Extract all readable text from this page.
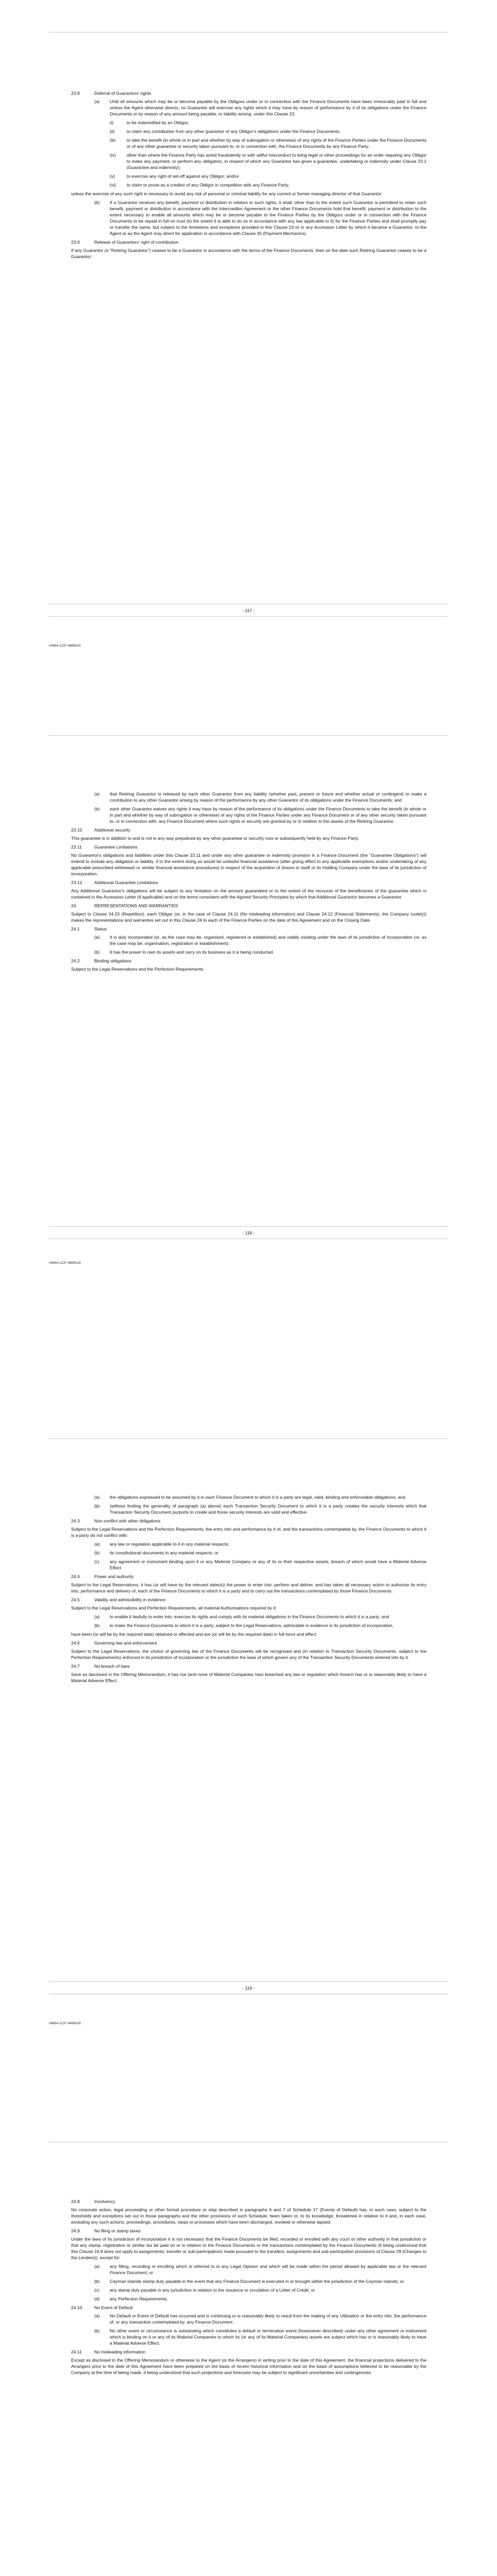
23.8	Deferral of Guarantors' rights
(a)	Until all amounts which may be or become payable by the Obligors under or in connection with the Finance Documents have been irrevocably paid in full and unless the Agent otherwise directs, no Guarantor will exercise any rights which it may have by reason of performance by it of its obligations under the Finance Documents or by reason of any amount being payable, or liability arising, under this Clause 23:
(i)	to be indemnified by an Obligor;
(ii)	to claim any contribution from any other guarantor of any Obligor's obligations under the Finance Documents;
(iii)	to take the benefit (in whole or in part and whether by way of subrogation or otherwise) of any rights of the Finance Parties under the Finance Documents or of any other guarantee or security taken pursuant to, or in connection with, the Finance Documents by any Finance Party;
(iv)	other than where the Finance Party has acted fraudulently or with willful misconduct to bring legal or other proceedings for an order requiring any Obligor to make any payment, or perform any obligation, in respect of which any Guarantor has given a guarantee, undertaking or indemnity under Clause 23.1 (Guarantee and indemnity);
(v)	to exercise any right of set-off against any Obligor; and/or
(vi)	to claim or prove as a creditor of any Obligor in competition with any Finance Party,

unless the exercise of any such right is necessary to avoid any risk of personal or criminal liability for any current or former managing director of that Guarantor.

(b)	If a Guarantor receives any benefit, payment or distribution in relation to such rights, it shall, other than to the extent such Guarantor is permitted to retain such benefit, payment or distribution in accordance with the Intercreditor Agreement or the other Finance Documents hold that benefit, payment or distribution to the extent necessary to enable all amounts which may be or become payable to the Finance Parties by the Obligors under or in connection with the Finance Documents to be repaid in full on trust (to the extent it is able to do so in accordance with any law applicable to it) for the Finance Parties and shall promptly pay or transfer the same, but subject to the limitations and exceptions provided in this Clause 23 or in any Accession Letter by which it became a Guarantor, to the Agent or as the Agent may direct for application in accordance with Clause 35 (Payment Mechanics).
23.9	Release of Guarantors' right of contribution

If any Guarantor (a "Retiring Guarantor") ceases to be a Guarantor in accordance with the terms of the Finance Documents, then on the date such Retiring Guarantor ceases to be a Guarantor:

- 117 -
#4854-1237-4969v16
(a)	that Retiring Guarantor is released by each other Guarantor from any liability (whether past, present or future and whether actual or contingent) to make a contribution to any other Guarantor arising by reason of the performance by any other Guarantor of its obligations under the Finance Documents; and
(b)	each other Guarantor waives any rights it may have by reason of the performance of its obligations under the Finance Documents to take the benefit (in whole or in part and whether by way of subrogation or otherwise) of any rights of the Finance Parties under any Finance Document or of any other security taken pursuant to, or in connection with, any Finance Document where such rights or security are granted by or in relation to the assets of the Retiring Guarantor.
23.10	Additional security

This guarantee is in addition to and is not in any way prejudiced by any other guarantee or security now or subsequently held by any Finance Party.

23.11	Guarantee Limitations

No Guarantor's obligations and liabilities under this Clause 23.11 and under any other guarantee or indemnity provision in a Finance Document (the "Guarantee Obligations") will extend to include any obligation or liability, if to the extent doing so would be unlawful financial assistance (after giving effect to any applicable exemptions and/or undertaking of any applicable prescribed whitewash or similar financial assistance procedures) in respect of the acquisition of shares in itself or its Holding Company under the laws of its jurisdiction of incorporation.

23.12	Additional Guarantee Limitations

Any Additional Guarantor's obligations will be subject to any limitation on the amount guaranteed or to the extent of the recourse of the beneficiaries of the guarantee which is contained in the Accession Letter (if applicable) and on the terms consistent with the Agreed Security Principles by which that Additional Guarantor becomes a Guarantor.

24.	REPRESENTATIONS AND WARRANTIES

Subject to Clause 24.23 (Repetition), each Obligor (or, in the case of Clause 24.11 (No misleading information) and Clause 24.12 (Financial Statements), the Company (solely)) makes the representations and warranties set out in this Clause 24 to each of the Finance Parties on the date of this Agreement and on the Closing Date.

24.1	Status
(a)	It is duly incorporated (or, as the case may be, organised, registered or established) and validly existing under the laws of its jurisdiction of incorporation (or, as the case may be, organisation, registration or establishment).
(b)	It has the power to own its assets and carry on its business as it is being conducted.
24.2	Binding obligations

Subject to the Legal Reservations and the Perfection Requirements:

- 118 -
#4854-1237-4969v16
(a)	the obligations expressed to be assumed by it in each Finance Document to which it is a party are legal, valid, binding and enforceable obligations; and
(b)	(without limiting the generality of paragraph (a) above) each Transaction Security Document to which it is a party creates the security interests which that Transaction Security Document purports to create and those security interests are valid and effective.
24.3	Non-conflict with other obligations

Subject to the Legal Reservations and the Perfection Requirements, the entry into and performance by it of, and the transactions contemplated by, the Finance Documents to which it is a party do not conflict with:

(a)	any law or regulation applicable to it in any material respects;
(b)	its constitutional documents in any material respects; or
(c)	any agreement or instrument binding upon it or any Material Company or any of its or their respective assets, breach of which would have a Material Adverse Effect.
24.4	Power and authority

Subject to the Legal Reservations, it has (or will have by the relevant date(s)) the power to enter into, perform and deliver, and has taken all necessary action to authorise its entry into, performance and delivery of, each of the Finance Documents to which it is a party and to carry out the transactions contemplated by those Finance Documents.

24.5	Validity and admissibility in evidence

Subject to the Legal Reservations and Perfection Requirements, all material Authorisations required by it:

(a)	to enable it lawfully to enter into, exercise its rights and comply with its material obligations in the Finance Documents to which it is a party; and
(b)	to make the Finance Documents to which it is a party, subject to the Legal Reservations, admissible in evidence in its jurisdiction of incorporation,

have been (or will be by the required date) obtained or effected and are (or will be by the required date) in full force and effect.

24.6	Governing law and enforcement

Subject to the Legal Reservations, the choice of governing law of the Finance Documents will be recognised and (in relation to Transaction Security Documents, subject to the Perfection Requirements) enforced in its jurisdiction of incorporation or the jurisdiction the laws of which govern any of the Transaction Security Documents entered into by it.

24.7	No breach of laws

Save as disclosed in the Offering Memorandum, it has not (and none of Material Companies has) breached any law or regulation which breach has or is reasonably likely to have a Material Adverse Effect.

- 119 -
#4854-1237-4969v16
24.8	Insolvency

No corporate action, legal proceeding or other formal procedure or step described in paragraphs 6 and 7 of Schedule 17 (Events of Default) has, in each case, subject to the thresholds and exceptions set out in those paragraphs and the other provisions of such Schedule, been taken or, to its knowledge, threatened in relation to it and, in each case, excluding any such actions, proceedings, procedures, steps or processes which have been discharged, revoked or otherwise lapsed.

24.9	No filing or stamp taxes

Under the laws of its jurisdiction of incorporation it is not necessary that the Finance Documents be filed, recorded or enrolled with any court or other authority in that jurisdiction or that any stamp, registration or similar tax be paid on or in relation to the Finance Documents or the transactions contemplated by the Finance Documents (it being understood that this Clause 24.9 does not apply to assignments, transfer or sub-participations made pursuant to the transfers, assignments and sub-participation provisions of Clause 29 (Changes to the Lenders)), except for:

(a)	any filling, recording or enrolling which is referred to in any Legal Opinion and which will be made within the period allowed by applicable law or the relevant Finance Document; or
(b)	Cayman Islands stamp duty payable in the event that any Finance Document is executed in or brought within the jurisdiction of the Cayman Islands; or
(c)	any stamp duty payable in any jurisdiction in relation to the issuance or circulation of a Letter of Credit; or
(d)	any Perfection Requirements.
24.10	No Event of Default
(a)	No Default or Event of Default has occurred and is continuing or is reasonably likely to result from the making of any Utilisation or the entry into, the performance of, or any transaction contemplated by, any Finance Document.
(b)	No other event or circumstance is outstanding which constitutes a default or termination event (howsoever described) under any other agreement or instrument which is binding on it or any of its Material Companies to which its (or any of its Material Companies) assets are subject which has or is reasonably likely to have a Material Adverse Effect.
24.11	No misleading information

Except as disclosed in the Offering Memorandum or otherwise to the Agent (or the Arrangers) in writing prior to the date of this Agreement, the financial projections delivered to the Arrangers prior to the date of this Agreement have been prepared on the basis of recent historical information and on the basis of assumptions believed to be reasonable by the Company at the time of being made, it being understood that such projections and forecasts may be subject to significant uncertainties and contingencies
